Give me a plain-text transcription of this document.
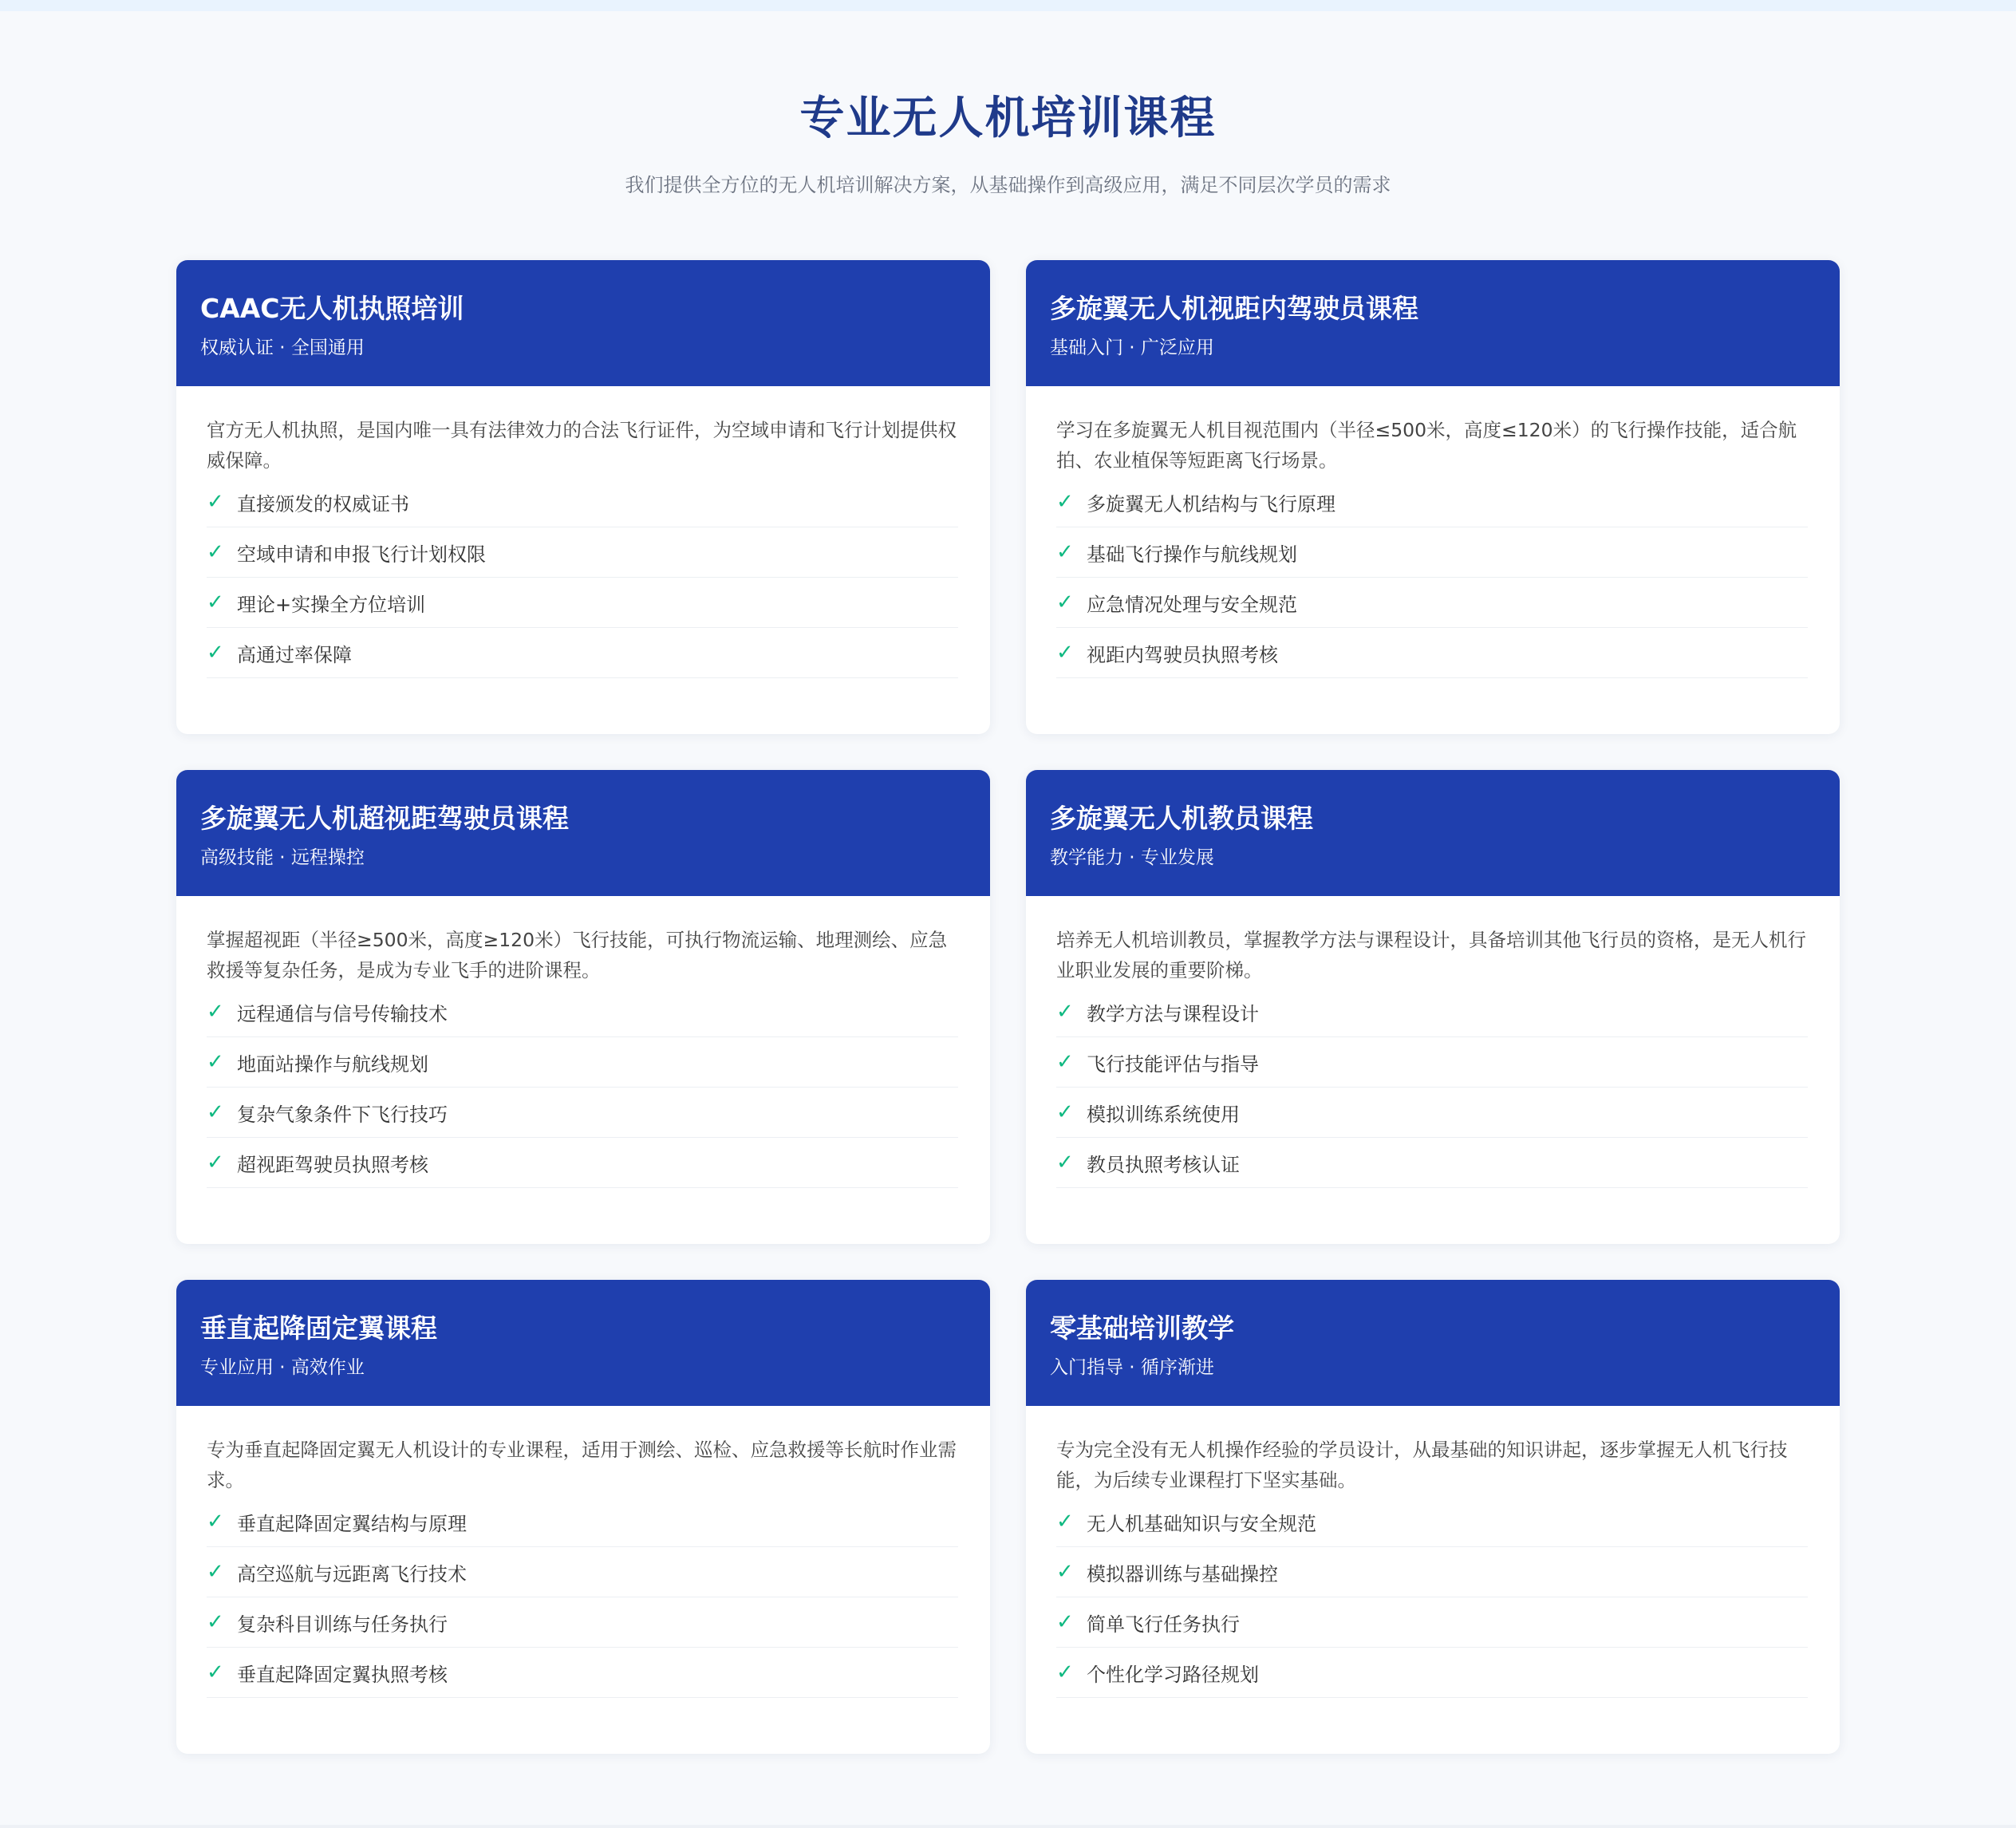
专业无人机培训课程

我们提供全方位的无人机培训解决方案，从基础操作到高级应用，满足不同层次学员的需求

CAAC无人机执照培训
权威认证 · 全国通用

官方无人机执照，是国内唯一具有法律效力的合法飞行证件，为空域申请和飞行计划提供权威保障。

✓ 直接颁发的权威证书
✓ 空域申请和申报飞行计划权限
✓ 理论+实操全方位培训
✓ 高通过率保障
多旋翼无人机视距内驾驶员课程
基础入门 · 广泛应用

学习在多旋翼无人机目视范围内（半径≤500米，高度≤120米）的飞行操作技能，适合航拍、农业植保等短距离飞行场景。

✓ 多旋翼无人机结构与飞行原理
✓ 基础飞行操作与航线规划
✓ 应急情况处理与安全规范
✓ 视距内驾驶员执照考核
多旋翼无人机超视距驾驶员课程
高级技能 · 远程操控

掌握超视距（半径≥500米，高度≥120米）飞行技能，可执行物流运输、地理测绘、应急救援等复杂任务，是成为专业飞手的进阶课程。

✓ 远程通信与信号传输技术
✓ 地面站操作与航线规划
✓ 复杂气象条件下飞行技巧
✓ 超视距驾驶员执照考核
多旋翼无人机教员课程
教学能力 · 专业发展

培养无人机培训教员，掌握教学方法与课程设计，具备培训其他飞行员的资格，是无人机行业职业发展的重要阶梯。

✓ 教学方法与课程设计
✓ 飞行技能评估与指导
✓ 模拟训练系统使用
✓ 教员执照考核认证
垂直起降固定翼课程
专业应用 · 高效作业

专为垂直起降固定翼无人机设计的专业课程，适用于测绘、巡检、应急救援等长航时作业需求。

✓ 垂直起降固定翼结构与原理
✓ 高空巡航与远距离飞行技术
✓ 复杂科目训练与任务执行
✓ 垂直起降固定翼执照考核
零基础培训教学
入门指导 · 循序渐进

专为完全没有无人机操作经验的学员设计，从最基础的知识讲起，逐步掌握无人机飞行技能，为后续专业课程打下坚实基础。

✓ 无人机基础知识与安全规范
✓ 模拟器训练与基础操控
✓ 简单飞行任务执行
✓ 个性化学习路径规划
